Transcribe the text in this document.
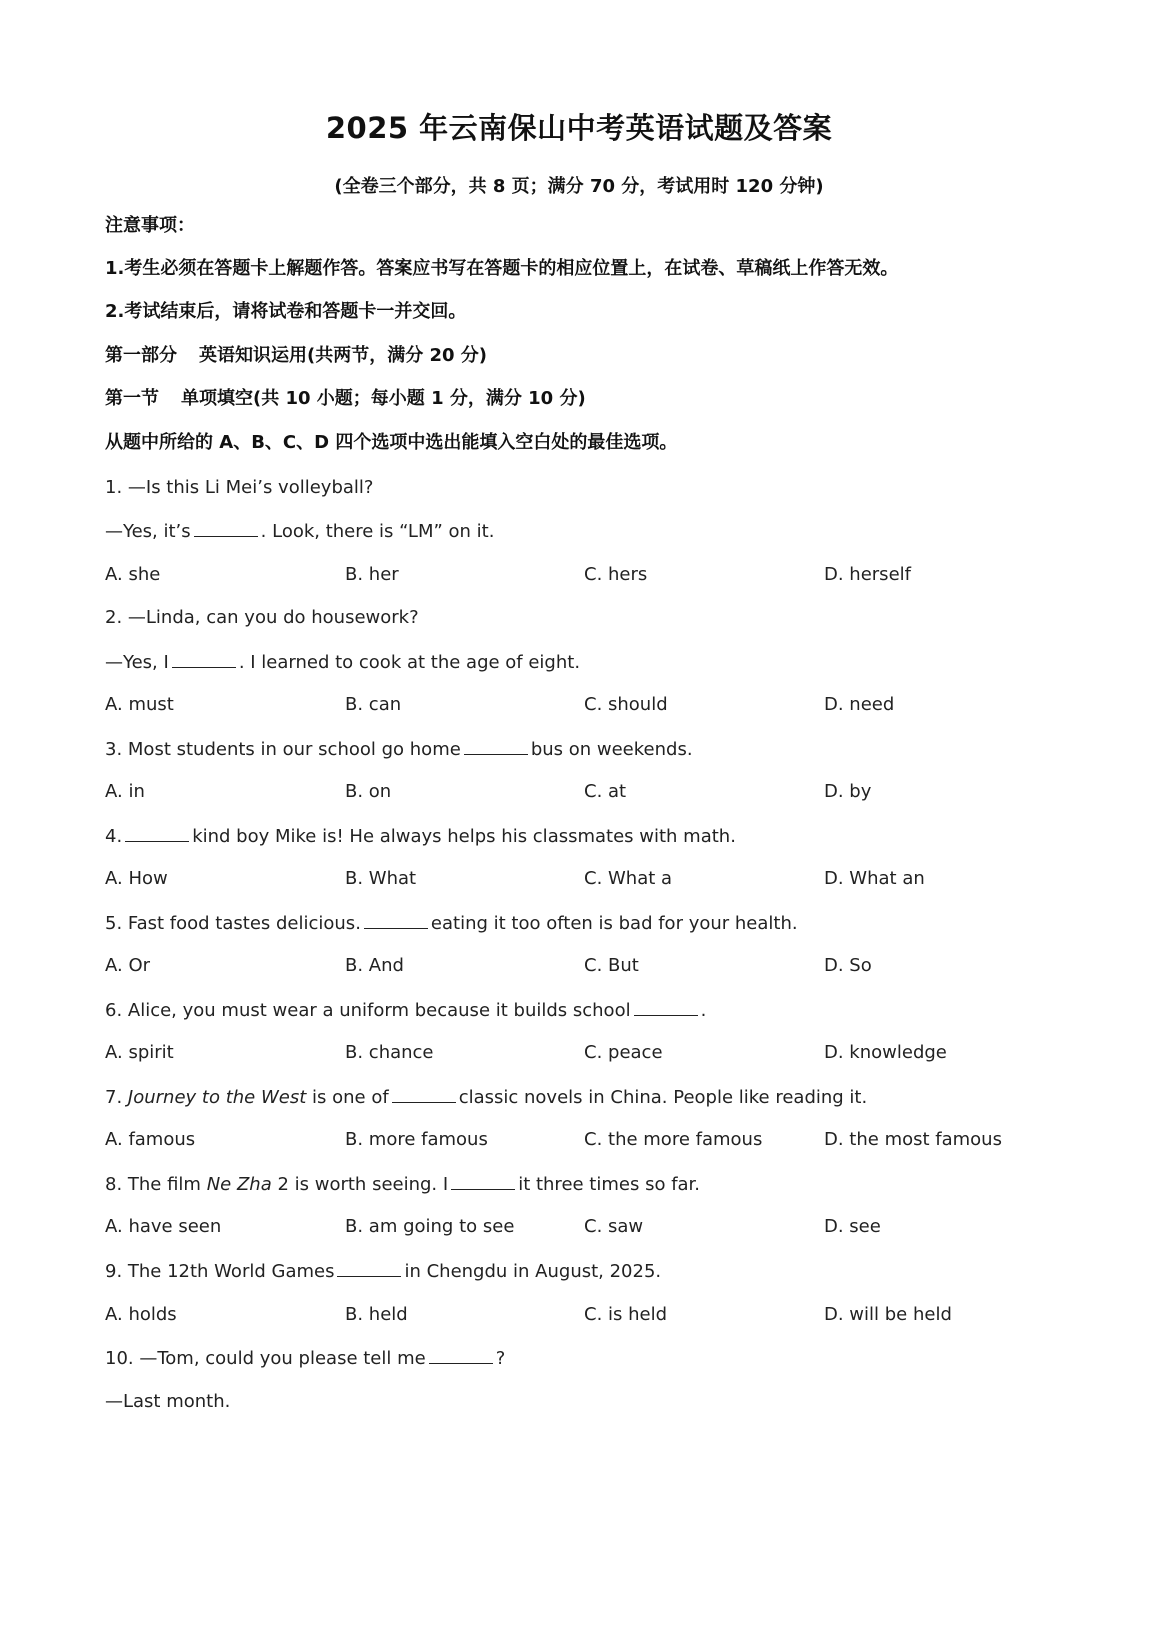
2025 年云南保山中考英语试题及答案
(全卷三个部分，共 8 页；满分 70 分，考试用时 120 分钟)
注意事项：
1.考生必须在答题卡上解题作答。答案应书写在答题卡的相应位置上，在试卷、草稿纸上作答无效。
2.考试结束后，请将试卷和答题卡一并交回。
第一部分 英语知识运用(共两节，满分 20 分)
第一节 单项填空(共 10 小题；每小题 1 分，满分 10 分)
从题中所给的 A、B、C、D 四个选项中选出能填入空白处的最佳选项。
1. —Is this Li Mei’s volleyball?
—Yes, it’s	. Look, there is “LM” on it.
A. she	B. her	C. hers	D. herself
2. —Linda, can you do housework?
—Yes, I	. I learned to cook at the age of eight.
A. must	B. can	C. should	D. need
3. Most students in our school go home	bus on weekends.
A. in	B. on	C. at	D. by
4.	kind boy Mike is! He always helps his classmates with math.
A. How	B. What	C. What a	D. What an
5. Fast food tastes delicious.	eating it too often is bad for your health.
A. Or	B. And	C. But	D. So
6. Alice, you must wear a uniform because it builds school	.
A. spirit	B. chance	C. peace	D. knowledge
7. Journey to the West is one of	classic novels in China. People like reading it.
A. famous	B. more famous	C. the more famous	D. the most famous
8. The film Ne Zha 2 is worth seeing. I	it three times so far.
A. have seen	B. am going to see	C. saw	D. see
9. The 12th World Games	in Chengdu in August, 2025.
A. holds	B. held	C. is held	D. will be held
10. —Tom, could you please tell me	?
—Last month.
